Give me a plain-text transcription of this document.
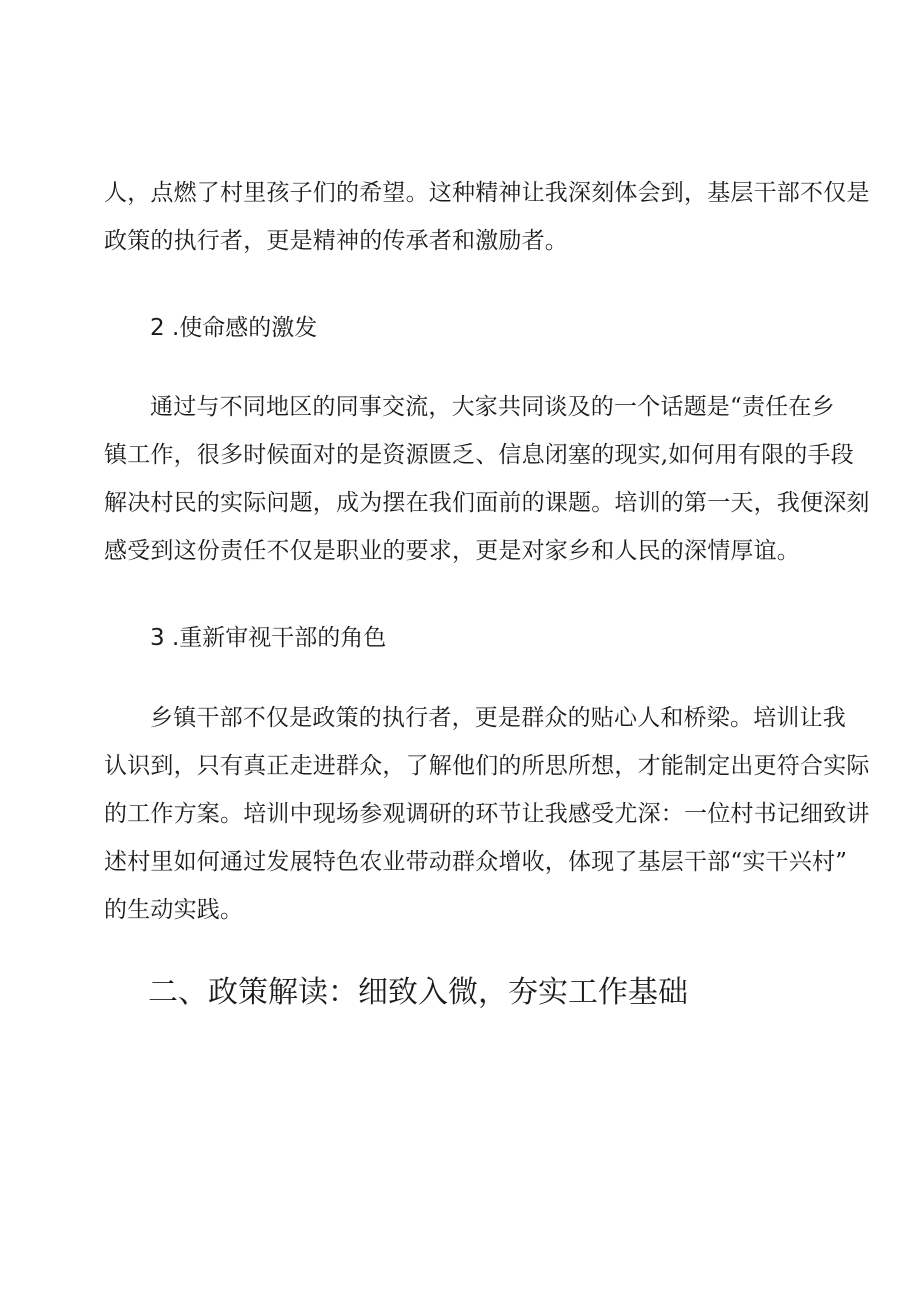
人，点燃了村里孩子们的希望。这种精神让我深刻体会到，基层干部不仅是
政策的执行者，更是精神的传承者和激励者。
2 .使命感的激发
通过与不同地区的同事交流，大家共同谈及的一个话题是“责任在乡
镇工作，很多时候面对的是资源匮乏、信息闭塞的现实,如何用有限的手段
解决村民的实际问题，成为摆在我们面前的课题。培训的第一天，我便深刻
感受到这份责任不仅是职业的要求，更是对家乡和人民的深情厚谊。
3 .重新审视干部的角色
乡镇干部不仅是政策的执行者，更是群众的贴心人和桥梁。培训让我
认识到，只有真正走进群众，了解他们的所思所想，才能制定出更符合实际
的工作方案。培训中现场参观调研的环节让我感受尤深：一位村书记细致讲
述村里如何通过发展特色农业带动群众增收，体现了基层干部“实干兴村”
的生动实践。
二、政策解读：细致入微，夯实工作基础
